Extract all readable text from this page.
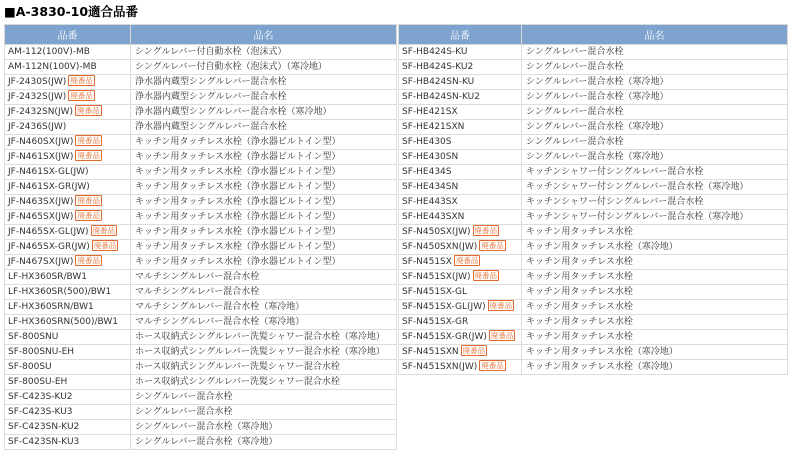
■A-3830-10適合品番
品番	品名
AM-112(100V)-MB	シングルレバー付自動水栓（泡沫式）
AM-112N(100V)-MB	シングルレバー付自動水栓（泡沫式）（寒冷地）
JF-2430S(JW) 廃番品	浄水器内蔵型シングルレバー混合水栓
JF-2432S(JW) 廃番品	浄水器内蔵型シングルレバー混合水栓
JF-2432SN(JW) 廃番品	浄水器内蔵型シングルレバー混合水栓（寒冷地）
JF-2436S(JW)	浄水器内蔵型シングルレバー混合水栓
JF-N460SX(JW) 廃番品	キッチン用タッチレス水栓（浄水器ビルトイン型）
JF-N461SX(JW) 廃番品	キッチン用タッチレス水栓（浄水器ビルトイン型）
JF-N461SX-GL(JW)	キッチン用タッチレス水栓（浄水器ビルトイン型）
JF-N461SX-GR(JW)	キッチン用タッチレス水栓（浄水器ビルトイン型）
JF-N463SX(JW) 廃番品	キッチン用タッチレス水栓（浄水器ビルトイン型）
JF-N465SX(JW) 廃番品	キッチン用タッチレス水栓（浄水器ビルトイン型）
JF-N465SX-GL(JW) 廃番品	キッチン用タッチレス水栓（浄水器ビルトイン型）
JF-N465SX-GR(JW) 廃番品	キッチン用タッチレス水栓（浄水器ビルトイン型）
JF-N467SX(JW) 廃番品	キッチン用タッチレス水栓（浄水器ビルトイン型）
LF-HX360SR/BW1	マルチシングルレバー混合水栓
LF-HX360SR(500)/BW1	マルチシングルレバー混合水栓
LF-HX360SRN/BW1	マルチシングルレバー混合水栓（寒冷地）
LF-HX360SRN(500)/BW1	マルチシングルレバー混合水栓（寒冷地）
SF-800SNU	ホース収納式シングルレバー洗髪シャワー混合水栓（寒冷地）
SF-800SNU-EH	ホース収納式シングルレバー洗髪シャワー混合水栓（寒冷地）
SF-800SU	ホース収納式シングルレバー洗髪シャワー混合水栓
SF-800SU-EH	ホース収納式シングルレバー洗髪シャワー混合水栓
SF-C423S-KU2	シングルレバー混合水栓
SF-C423S-KU3	シングルレバー混合水栓
SF-C423SN-KU2	シングルレバー混合水栓（寒冷地）
SF-C423SN-KU3	シングルレバー混合水栓（寒冷地）
品番	品名
SF-HB424S-KU	シングルレバー混合水栓
SF-HB424S-KU2	シングルレバー混合水栓
SF-HB424SN-KU	シングルレバー混合水栓（寒冷地）
SF-HB424SN-KU2	シングルレバー混合水栓（寒冷地）
SF-HE421SX	シングルレバー混合水栓
SF-HE421SXN	シングルレバー混合水栓（寒冷地）
SF-HE430S	シングルレバー混合水栓
SF-HE430SN	シングルレバー混合水栓（寒冷地）
SF-HE434S	キッチンシャワー付シングルレバー混合水栓
SF-HE434SN	キッチンシャワー付シングルレバー混合水栓（寒冷地）
SF-HE443SX	キッチンシャワー付シングルレバー混合水栓
SF-HE443SXN	キッチンシャワー付シングルレバー混合水栓（寒冷地）
SF-N450SX(JW) 廃番品	キッチン用タッチレス水栓
SF-N450SXN(JW) 廃番品	キッチン用タッチレス水栓（寒冷地）
SF-N451SX 廃番品	キッチン用タッチレス水栓
SF-N451SX(JW) 廃番品	キッチン用タッチレス水栓
SF-N451SX-GL	キッチン用タッチレス水栓
SF-N451SX-GL(JW) 廃番品	キッチン用タッチレス水栓
SF-N451SX-GR	キッチン用タッチレス水栓
SF-N451SX-GR(JW) 廃番品	キッチン用タッチレス水栓
SF-N451SXN 廃番品	キッチン用タッチレス水栓（寒冷地）
SF-N451SXN(JW) 廃番品	キッチン用タッチレス水栓（寒冷地）
